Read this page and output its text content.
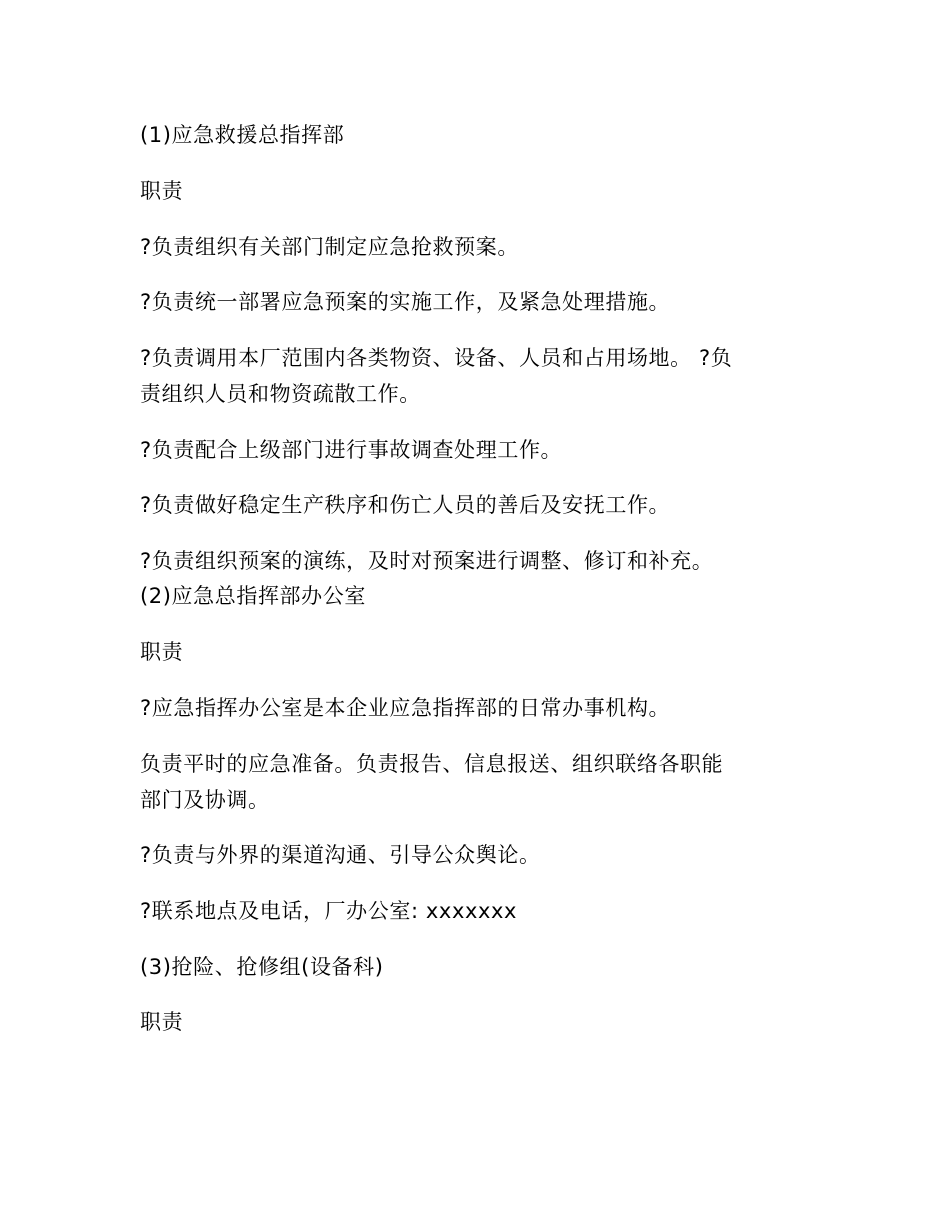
(1)应急救援总指挥部

职责

?负责组织有关部门制定应急抢救预案。

?负责统一部署应急预案的实施工作，及紧急处理措施。

?负责调用本厂范围内各类物资、设备、人员和占用场地。 ?负

责组织人员和物资疏散工作。

?负责配合上级部门进行事故调查处理工作。

?负责做好稳定生产秩序和伤亡人员的善后及安抚工作。

?负责组织预案的演练，及时对预案进行调整、修订和补充。

(2)应急总指挥部办公室

职责

?应急指挥办公室是本企业应急指挥部的日常办事机构。

负责平时的应急准备。负责报告、信息报送、组织联络各职能

部门及协调。

?负责与外界的渠道沟通、引导公众舆论。

?联系地点及电话，厂办公室: xxxxxxx

(3)抢险、抢修组(设备科)

职责
